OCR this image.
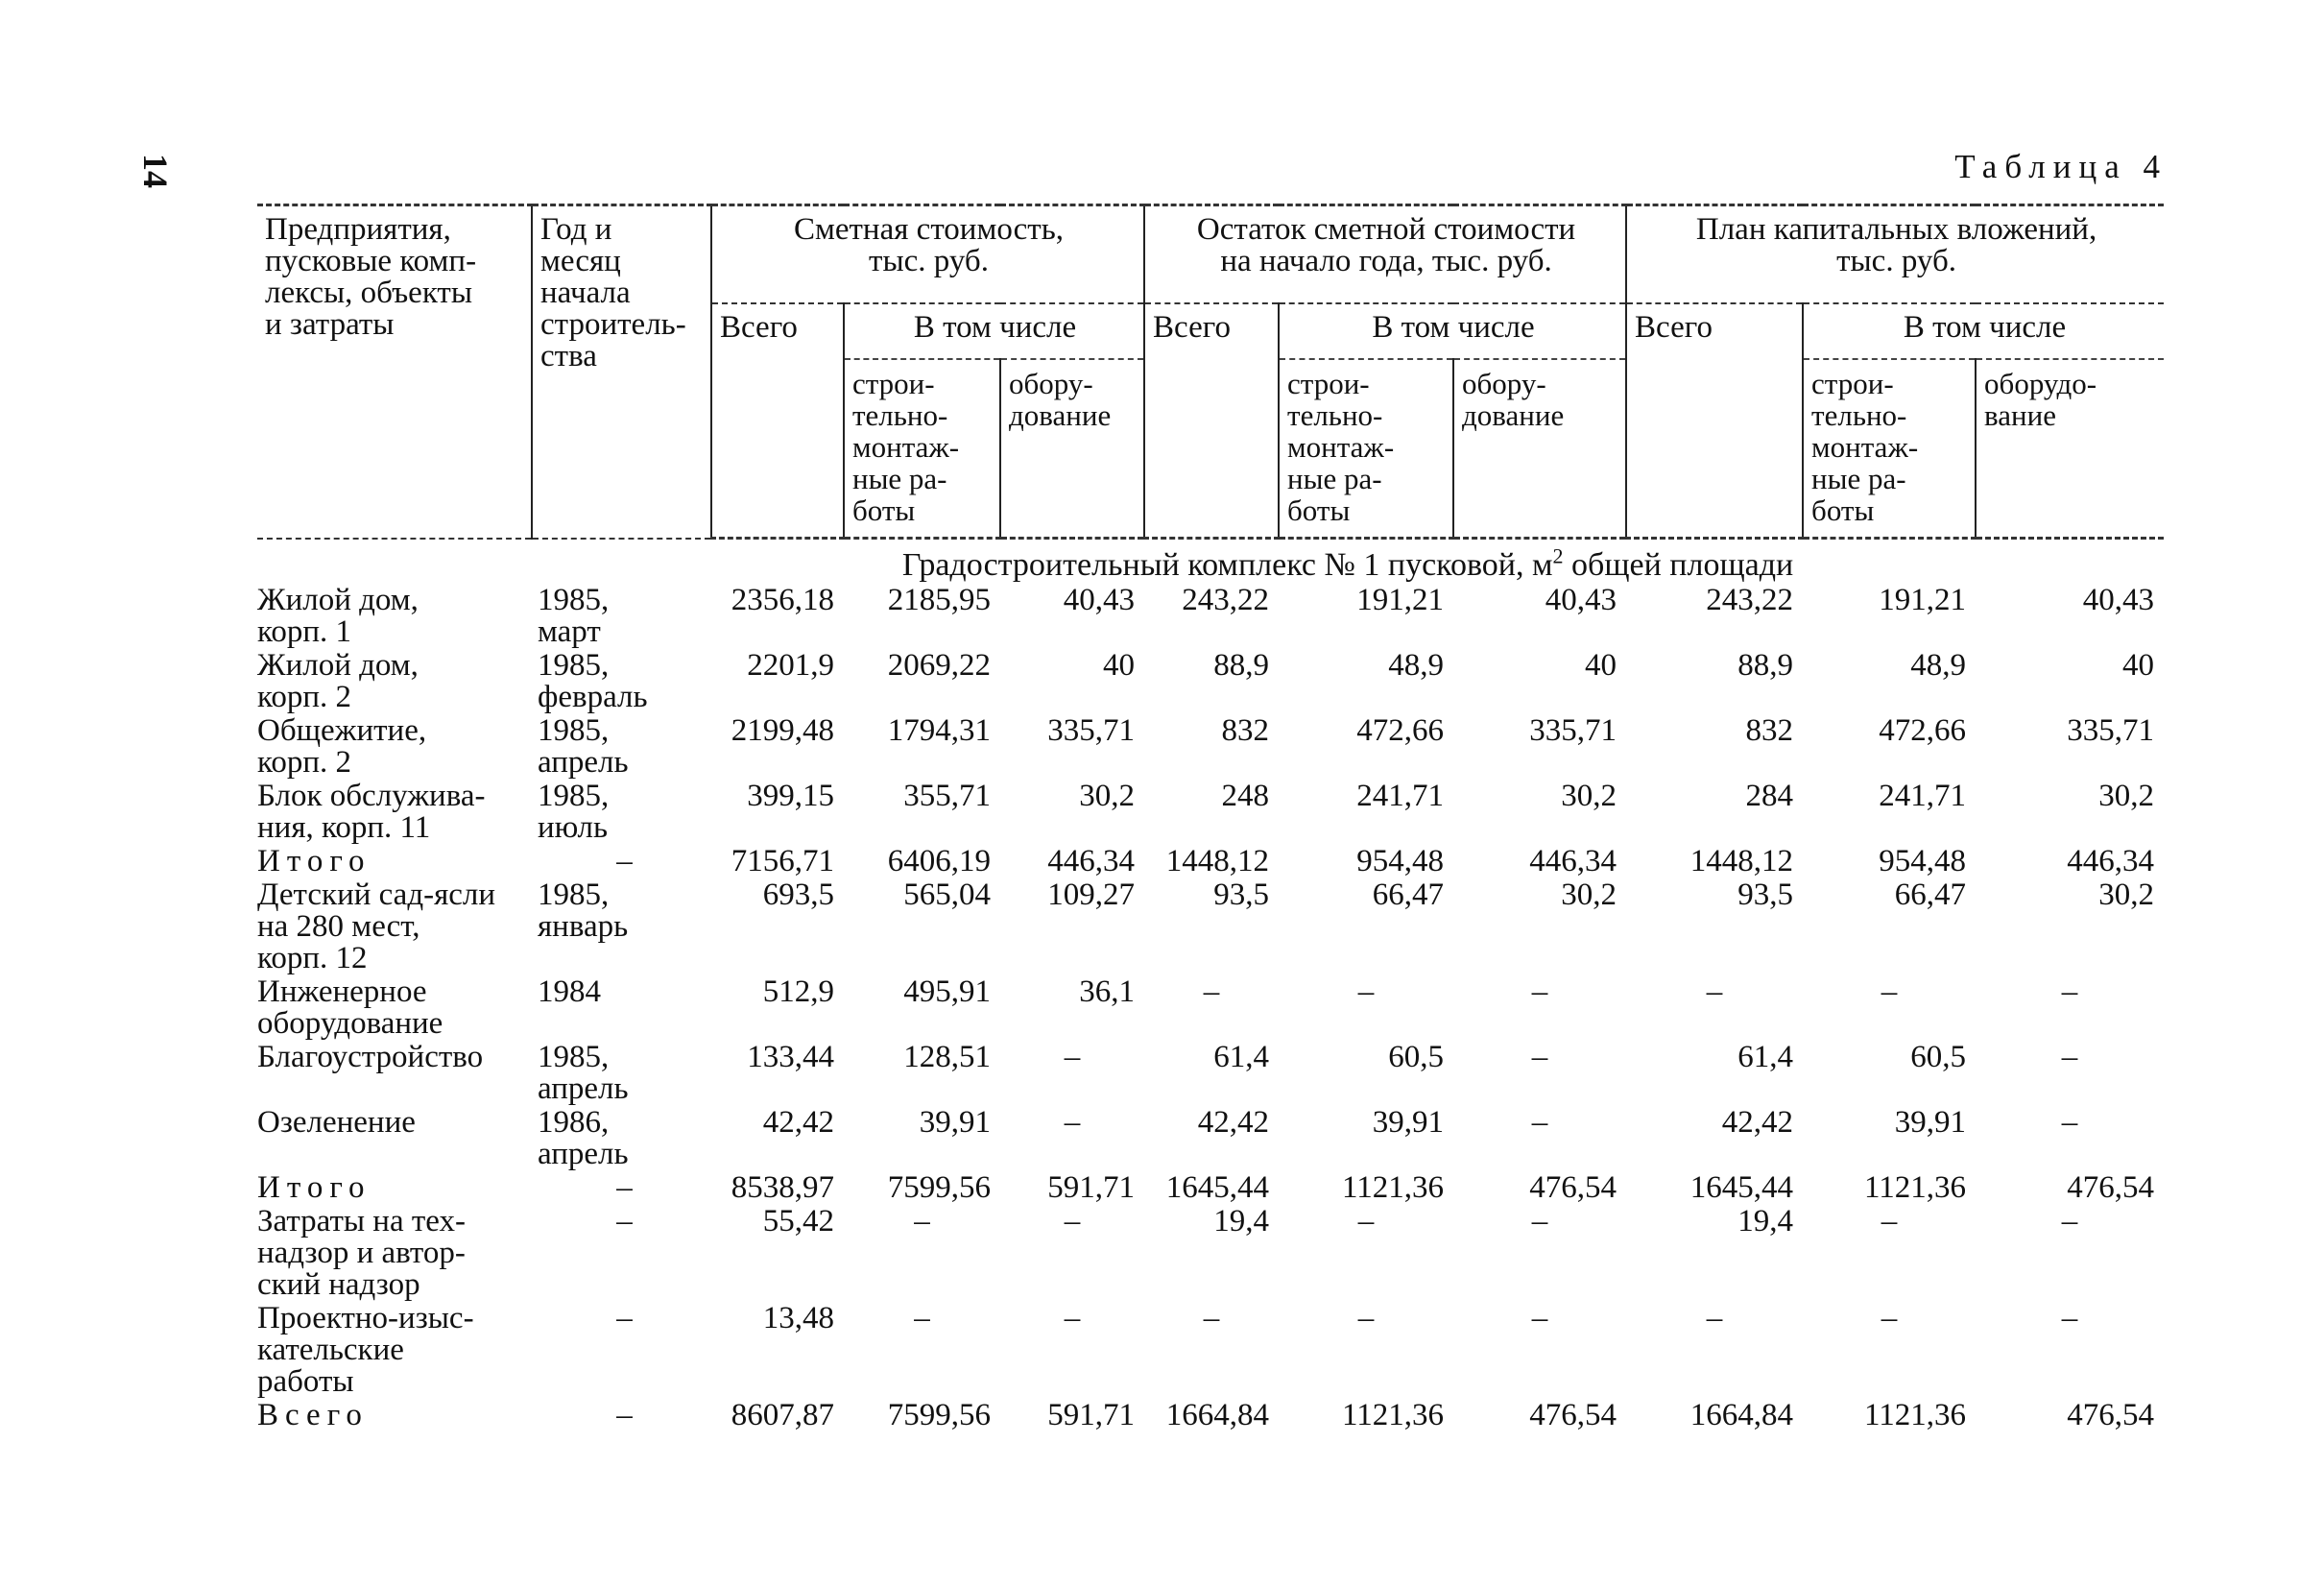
14	Таблица 4
Предприятия,
пусковые комп-
лексы, объекты
и затраты	Год и
месяц
начала
строитель-
ства	Сметная стоимость,
тыс. руб.			Остаток сметной стоимости
на начало года, тыс. руб.			План капитальных вложений,
тыс. руб.		
		Всего	В том числе		Всего	В том числе		Всего	В том числе	
			строи-
тельно-
монтаж-
ные ра-
боты	обору-
дование		строи-
тельно-
монтаж-
ные ра-
боты	обору-
дование		строи-
тельно-
монтаж-
ные ра-
боты	оборудо-
вание
	Градостроительный комплекс № 1 пусковой, $м^2$ общей площади									
Жилой дом,
корп. 1	1985,
март	2356,18	2185,95	40,43	243,22	191,21	40,43	243,22	191,21	40,43
Жилой дом,
корп. 2	1985,
февраль	2201,9	2069,22	40	88,9	48,9	40	88,9	48,9	40
Общежитие,
корп. 2	1985,
апрель	2199,48	1794,31	335,71	832	472,66	335,71	832	472,66	335,71
Блок обслужива-
ния, корп. 11	1985,
июль	399,15	355,71	30,2	248	241,71	30,2	284	241,71	30,2
Итого	–	7156,71	6406,19	446,34	1448,12	954,48	446,34	1448,12	954,48	446,34
Детский сад-ясли
на 280 мест,
корп. 12	1985,
январь	693,5	565,04	109,27	93,5	66,47	30,2	93,5	66,47	30,2
Инженерное
оборудование	1984	512,9	495,91	36,1	–	–	–	–	–	–
Благоустройство	1985,
апрель	133,44	128,51	–	61,4	60,5	–	61,4	60,5	–
Озеленение	1986,
апрель	42,42	39,91	–	42,42	39,91	–	42,42	39,91	–
Итого	–	8538,97	7599,56	591,71	1645,44	1121,36	476,54	1645,44	1121,36	476,54
Затраты на тех-
надзор и автор-
ский надзор	–	55,42	–	–	19,4	–	–	19,4	–	–
Проектно-изыс-
кательские
работы	–	13,48	–	–	–	–	–	–	–	–
Всего	–	8607,87	7599,56	591,71	1664,84	1121,36	476,54	1664,84	1121,36	476,54
